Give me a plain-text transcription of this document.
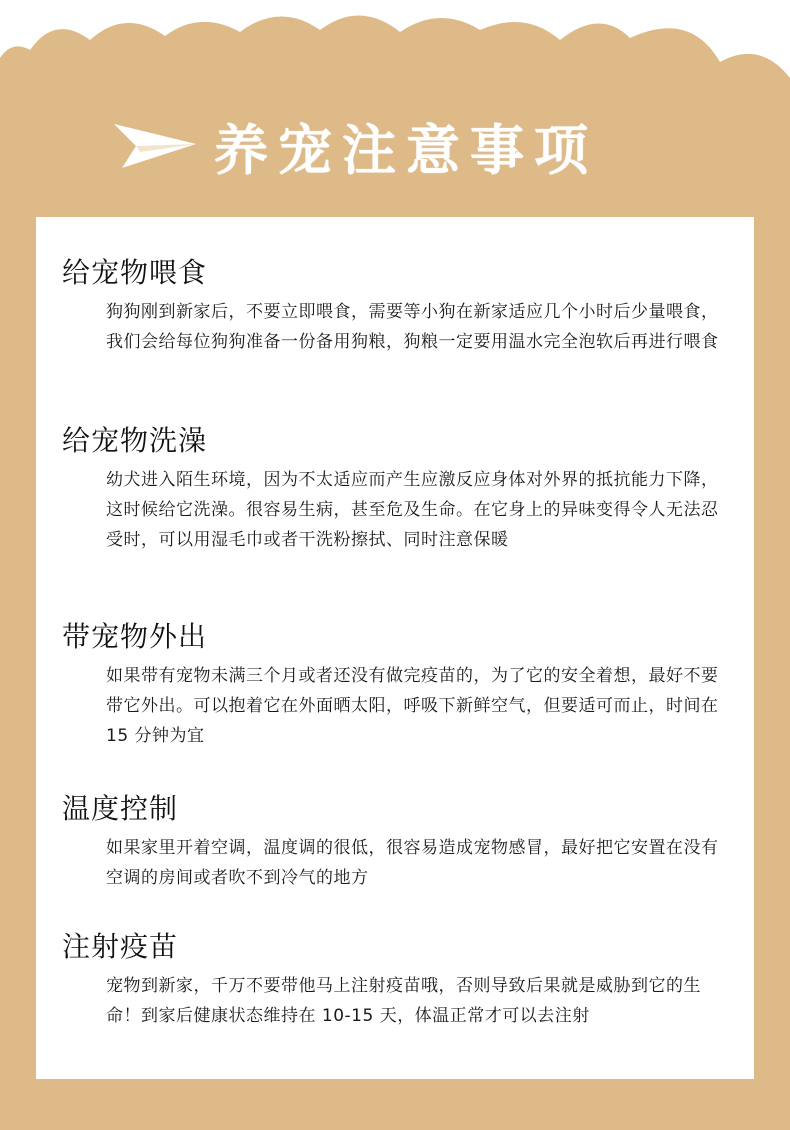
养宠注意事项
给宠物喂食

狗狗刚到新家后，不要立即喂食，需要等小狗在新家适应几个小时后少量喂食，我们会给每位狗狗准备一份备用狗粮，狗粮一定要用温水完全泡软后再进行喂食

给宠物洗澡

幼犬进入陌生环境，因为不太适应而产生应激反应身体对外界的抵抗能力下降，这时候给它洗澡。很容易生病，甚至危及生命。在它身上的异味变得令人无法忍受时，可以用湿毛巾或者干洗粉擦拭、同时注意保暖

带宠物外出

如果带有宠物未满三个月或者还没有做完疫苗的，为了它的安全着想，最好不要带它外出。可以抱着它在外面晒太阳，呼吸下新鲜空气，但要适可而止，时间在 15 分钟为宜

温度控制

如果家里开着空调，温度调的很低，很容易造成宠物感冒，最好把它安置在没有空调的房间或者吹不到冷气的地方

注射疫苗

宠物到新家，千万不要带他马上注射疫苗哦，否则导致后果就是威胁到它的生命！到家后健康状态维持在 10-15 天，体温正常才可以去注射
